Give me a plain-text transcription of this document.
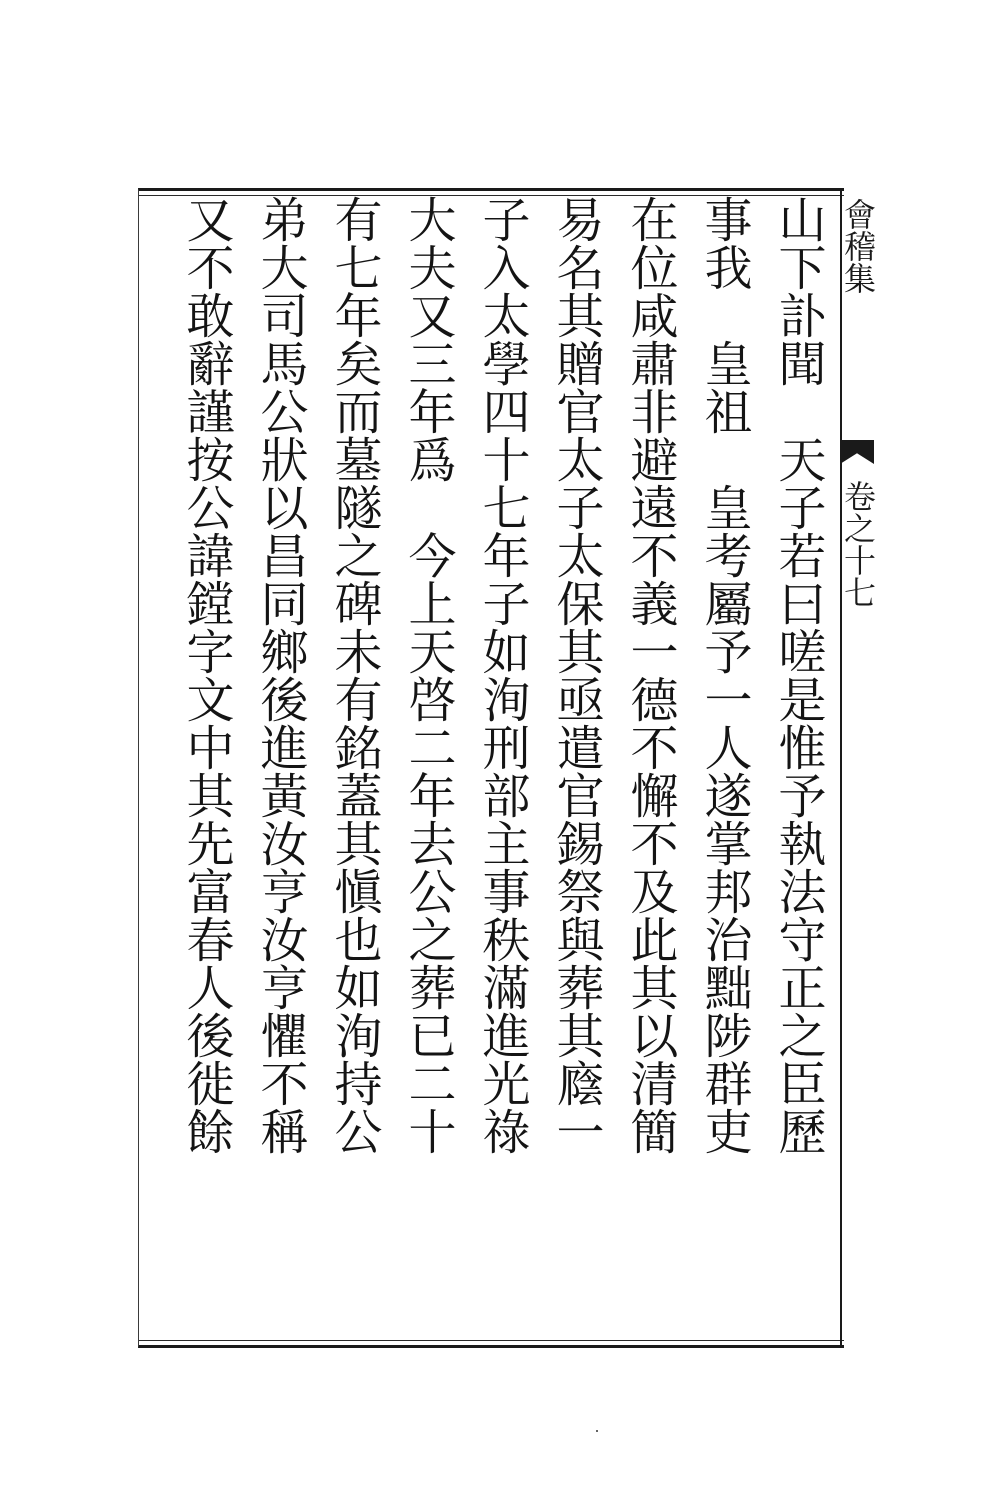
會稽集
卷之十七
山下訃聞　天子若曰嗟是惟予執法守正之臣歷
事我　皇祖　皇考屬予一人遂掌邦治黜陟群吏
在位咸肅非避遠不義一德不懈不及此其以清簡
易名其贈官太子太保其亟遣官錫祭與葬其廕一
子入太學四十七年子如洵刑部主事秩滿進光祿
大夫又三年爲　今上天啓二年去公之葬已二十
有七年矣而墓隧之碑未有銘蓋其愼也如洵持公
弟大司馬公狀以昌同鄉後進黃汝亨汝亨懼不稱
又不敢辭謹按公諱鏜字文中其先富春人後徙餘
